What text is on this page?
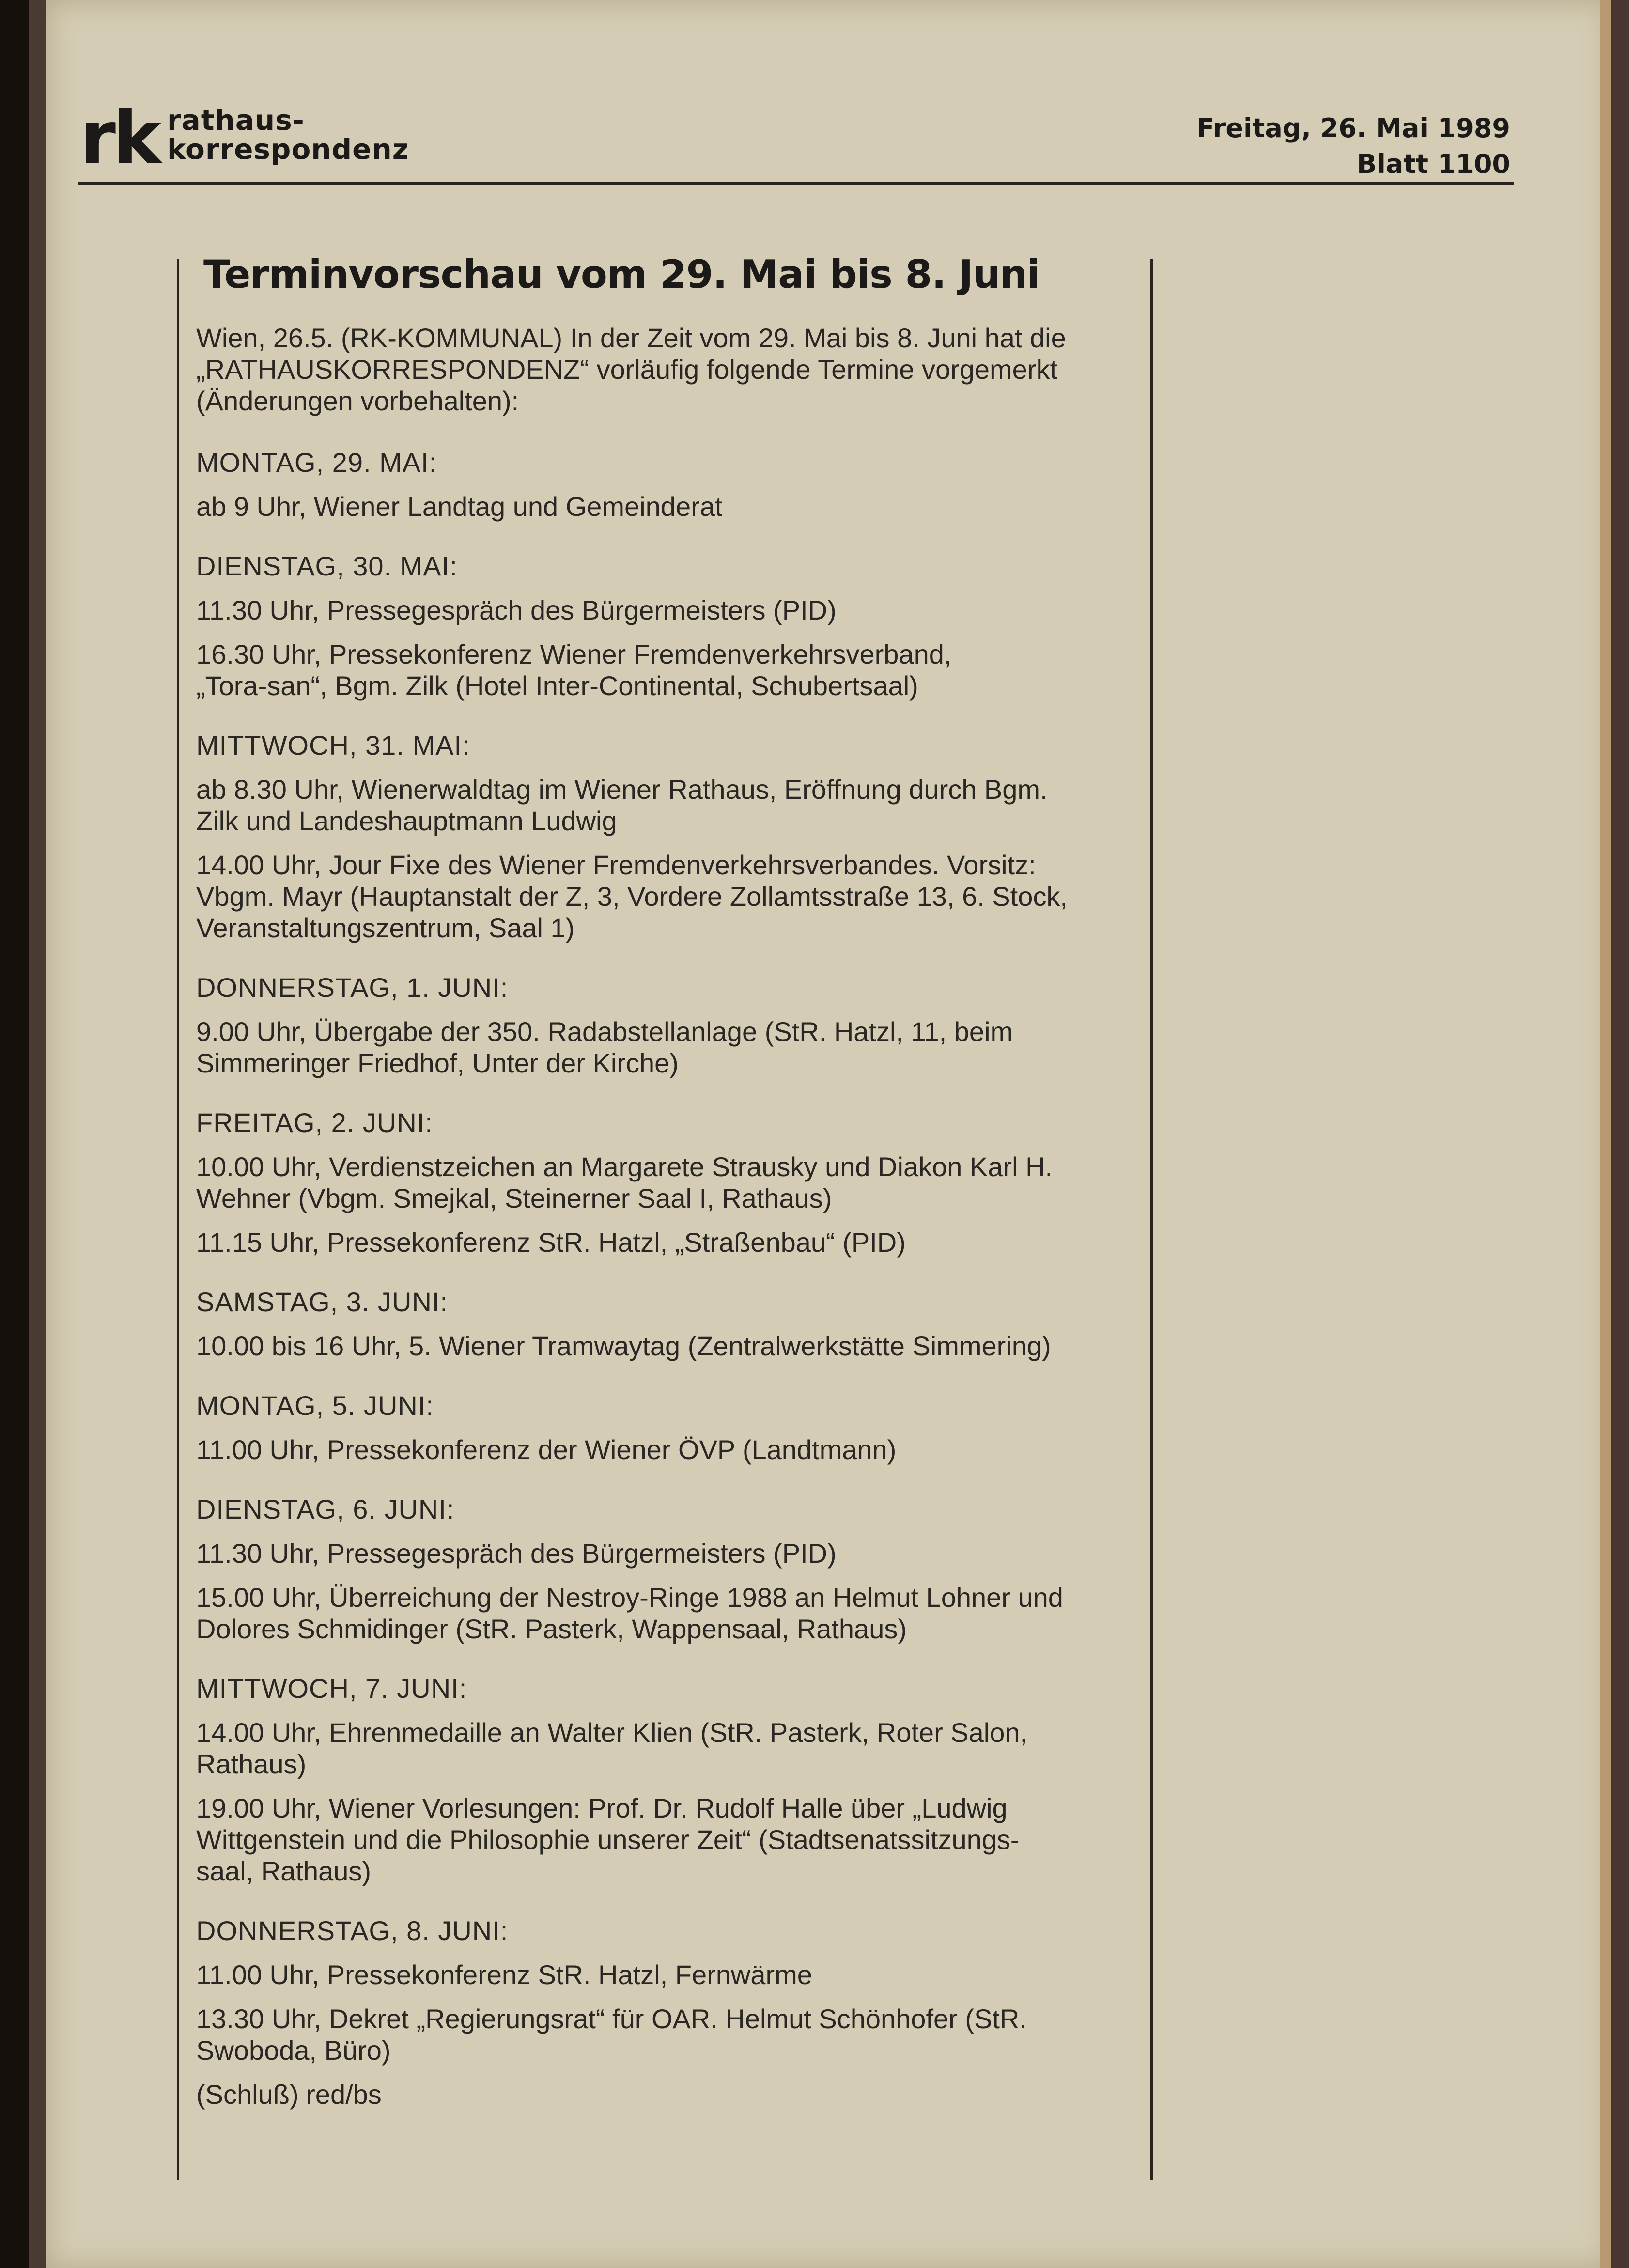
rk rathaus-
korrespondenz
Freitag, 26. Mai 1989
Blatt 1100
Terminvorschau vom 29. Mai bis 8. Juni
Wien, 26.5. (RK-KOMMUNAL) In der Zeit vom 29. Mai bis 8. Juni hat die
„RATHAUSKORRESPONDENZ“ vorläufig folgende Termine vorgemerkt
(Änderungen vorbehalten):
MONTAG, 29. MAI:
ab 9 Uhr, Wiener Landtag und Gemeinderat
DIENSTAG, 30. MAI:
11.30 Uhr, Pressegespräch des Bürgermeisters (PID)
16.30 Uhr, Pressekonferenz Wiener Fremdenverkehrsverband,
„Tora-san“, Bgm. Zilk (Hotel Inter-Continental, Schubertsaal)
MITTWOCH, 31. MAI:
ab 8.30 Uhr, Wienerwaldtag im Wiener Rathaus, Eröffnung durch Bgm.
Zilk und Landeshauptmann Ludwig
14.00 Uhr, Jour Fixe des Wiener Fremdenverkehrsverbandes. Vorsitz:
Vbgm. Mayr (Hauptanstalt der Z, 3, Vordere Zollamtsstraße 13, 6. Stock,
Veranstaltungszentrum, Saal 1)
DONNERSTAG, 1. JUNI:
9.00 Uhr, Übergabe der 350. Radabstellanlage (StR. Hatzl, 11, beim
Simmeringer Friedhof, Unter der Kirche)
FREITAG, 2. JUNI:
10.00 Uhr, Verdienstzeichen an Margarete Strausky und Diakon Karl H.
Wehner (Vbgm. Smejkal, Steinerner Saal I, Rathaus)
11.15 Uhr, Pressekonferenz StR. Hatzl, „Straßenbau“ (PID)
SAMSTAG, 3. JUNI:
10.00 bis 16 Uhr, 5. Wiener Tramwaytag (Zentralwerkstätte Simmering)
MONTAG, 5. JUNI:
11.00 Uhr, Pressekonferenz der Wiener ÖVP (Landtmann)
DIENSTAG, 6. JUNI:
11.30 Uhr, Pressegespräch des Bürgermeisters (PID)
15.00 Uhr, Überreichung der Nestroy-Ringe 1988 an Helmut Lohner und
Dolores Schmidinger (StR. Pasterk, Wappensaal, Rathaus)
MITTWOCH, 7. JUNI:
14.00 Uhr, Ehrenmedaille an Walter Klien (StR. Pasterk, Roter Salon,
Rathaus)
19.00 Uhr, Wiener Vorlesungen: Prof. Dr. Rudolf Halle über „Ludwig
Wittgenstein und die Philosophie unserer Zeit“ (Stadtsenatssitzungs-
saal, Rathaus)
DONNERSTAG, 8. JUNI:
11.00 Uhr, Pressekonferenz StR. Hatzl, Fernwärme
13.30 Uhr, Dekret „Regierungsrat“ für OAR. Helmut Schönhofer (StR.
Swoboda, Büro)
(Schluß) red/bs
